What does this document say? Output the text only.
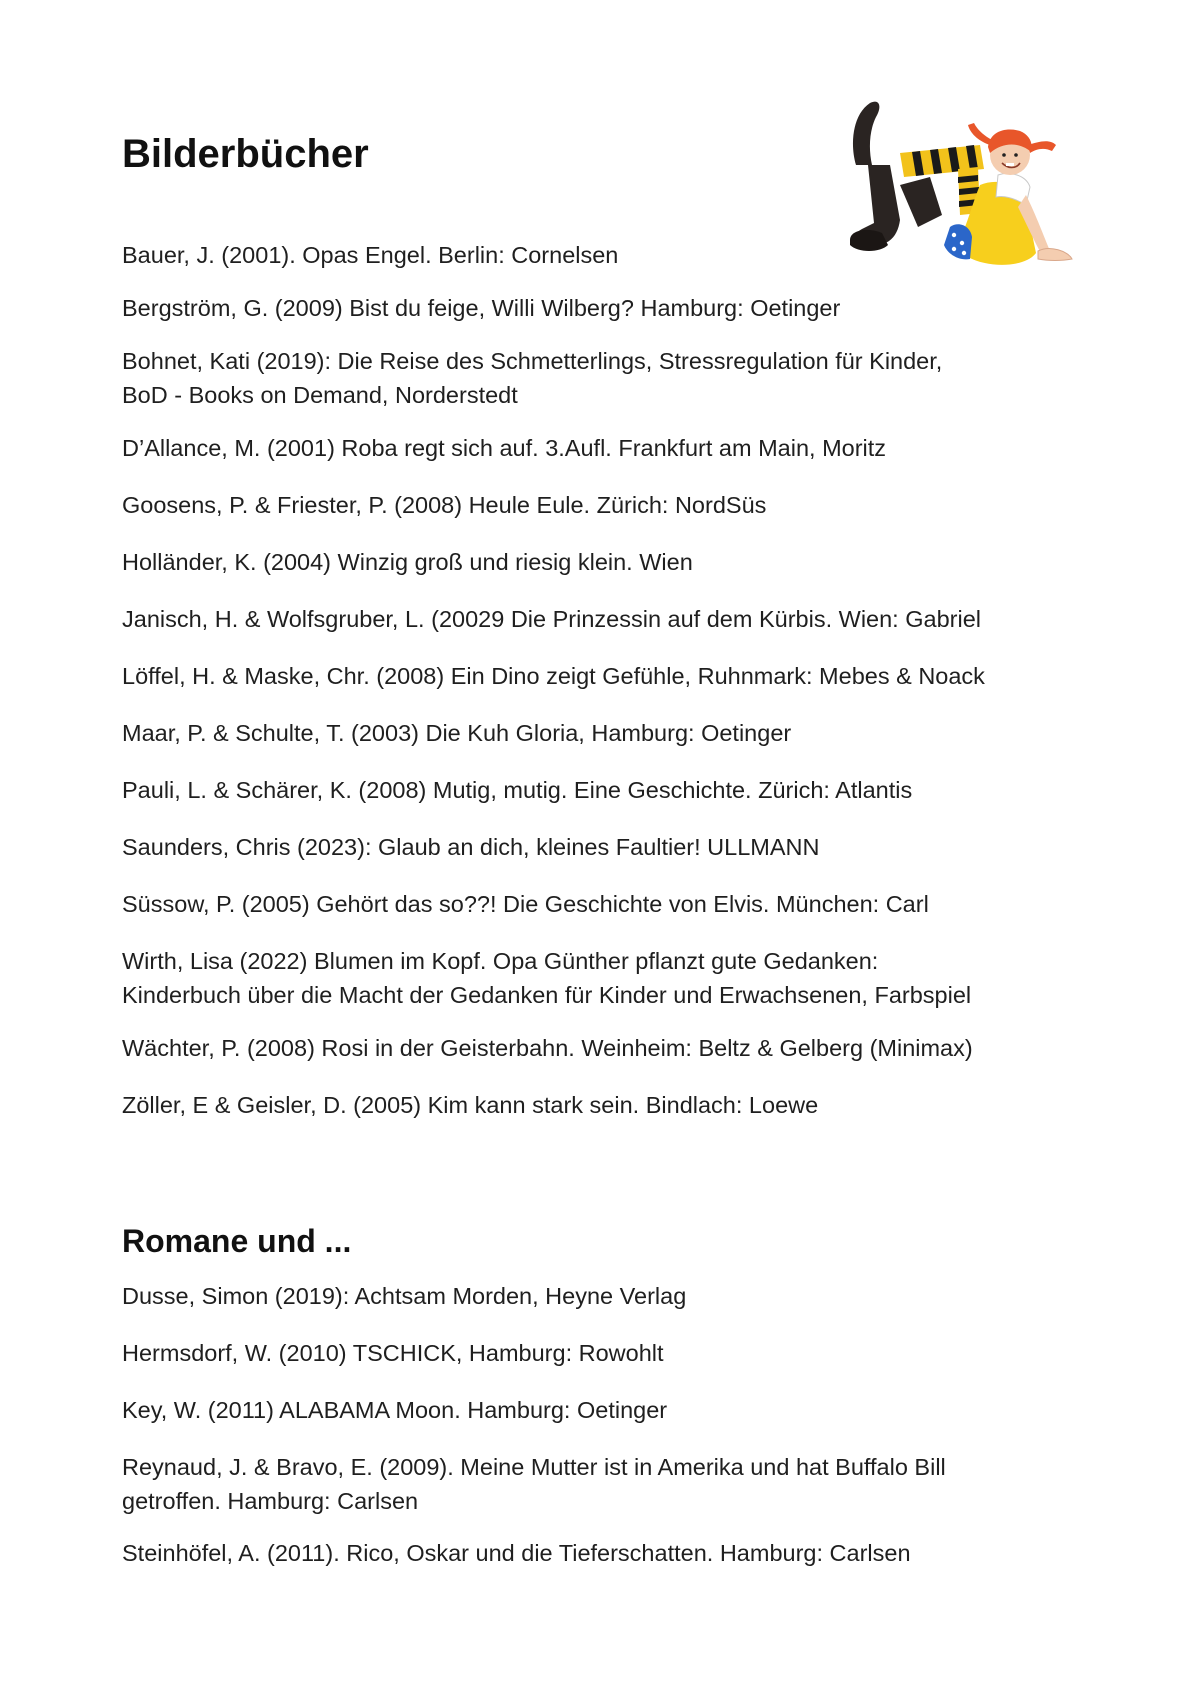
Bilderbücher

Bauer, J. (2001). Opas Engel. Berlin: Cornelsen

Bergström, G. (2009) Bist du feige, Willi Wilberg? Hamburg: Oetinger

Bohnet, Kati (2019): Die Reise des Schmetterlings, Stressregulation für Kinder,
BoD - Books on Demand, Norderstedt

D’Allance, M. (2001) Roba regt sich auf. 3.Aufl. Frankfurt am Main, Moritz

Goosens, P. & Friester, P. (2008) Heule Eule. Zürich: NordSüs

Holländer, K. (2004) Winzig groß und riesig klein. Wien

Janisch, H. & Wolfsgruber, L. (20029 Die Prinzessin auf dem Kürbis. Wien: Gabriel

Löffel, H. & Maske, Chr. (2008) Ein Dino zeigt Gefühle, Ruhnmark: Mebes & Noack

Maar, P. & Schulte, T. (2003) Die Kuh Gloria, Hamburg: Oetinger

Pauli, L. & Schärer, K. (2008) Mutig, mutig. Eine Geschichte. Zürich: Atlantis

Saunders, Chris (2023): Glaub an dich, kleines Faultier! ULLMANN

Süssow, P. (2005) Gehört das so??! Die Geschichte von Elvis. München: Carl

Wirth, Lisa (2022) Blumen im Kopf. Opa Günther pflanzt gute Gedanken:
Kinderbuch über die Macht der Gedanken für Kinder und Erwachsenen, Farbspiel

Wächter, P. (2008) Rosi in der Geisterbahn. Weinheim: Beltz & Gelberg (Minimax)

Zöller, E & Geisler, D. (2005) Kim kann stark sein. Bindlach: Loewe

Romane und ...

Dusse, Simon (2019): Achtsam Morden, Heyne Verlag

Hermsdorf, W. (2010) TSCHICK, Hamburg: Rowohlt

Key, W. (2011) ALABAMA Moon. Hamburg: Oetinger

Reynaud, J. & Bravo, E. (2009). Meine Mutter ist in Amerika und hat Buffalo Bill
getroffen. Hamburg: Carlsen

Steinhöfel, A. (2011). Rico, Oskar und die Tieferschatten. Hamburg: Carlsen
